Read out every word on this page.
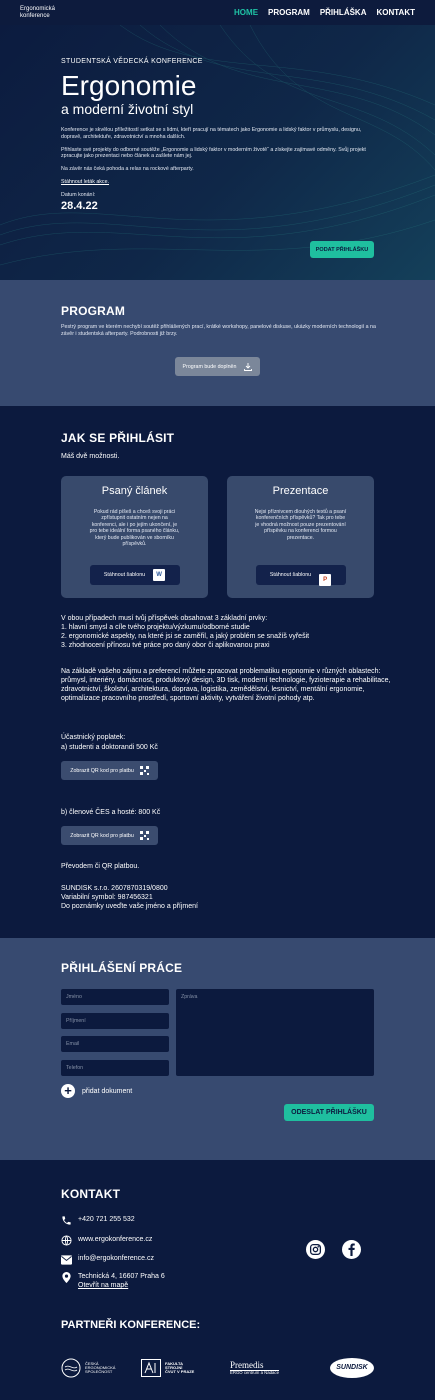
Ergonomická
konference	HOME PROGRAM PŘIHLÁŠKA KONTAKT
STUDENTSKÁ VĚDECKÁ KONFERENCE
Ergonomie
a moderní životní styl
Konference je skvělou příležitostí setkat se s lidmi, kteří pracují na tématech jako Ergonomie a lidský faktor v průmyslu, designu, dopravě, architektuře, zdravotnictví a mnoha dalších.
Přihlaste své projekty do odborné soutěže „Ergonomie a lidský faktor v moderním životě“ a získejte zajímavé odměny. Svůj projekt zpracujte jako prezentaci nebo článek a zašlete nám jej.
Na závěr nás čeká pohoda a relax na rockové afterparty.
Stáhnout leták akce.
Datum konání:
28.4.22
PODAT PŘIHLÁŠKU
PROGRAM
Pestrý program ve kterém nechybí soutěž přihlášených prací, krátké workshopy, panelové diskuse, ukázky moderních technologií a na závěr i studentská afterparty. Podrobnosti již brzy.
Program bude doplněn
JAK SE PŘIHLÁSIT
Máš dvě možnosti.
Psaný článek
Pokud rád píšeš a chceš svoji práci zpřístupnit ostatním nejen na konferenci, ale i po jejím ukončení, je pro tebe ideální forma psaného článku, který bude publikován ve sborníku příspěvků.
Stáhnout šablonu	W
Prezentace
Nejsi příznivcem dlouhých textů a psaní konferenčních příspěvků? Tak pro tebe je vhodná možnost pouze prezentování příspěvku na konferenci formou prezentace.
Stáhnout šablonu
P
V obou případech musí tvůj příspěvek obsahovat 3 základní prvky:
1. hlavní smysl a cíle tvého projektu/výzkumu/odborné studie
2. ergonomické aspekty, na které jsi se zaměřil, a jaký problém se snažíš vyřešit
3. zhodnocení přínosu tvé práce pro daný obor či aplikovanou praxi
Na základě vašeho zájmu a preferencí můžete zpracovat problematiku ergonomie v různých oblastech: průmysl, interiéry, domácnost, produktový design, 3D tisk, moderní technologie, fyzioterapie a rehabilitace, zdravotnictví, školství, architektura, doprava, logistika, zemědělství, lesnictví, mentální ergonomie, optimalizace pracovního prostředí, sportovní aktivity, vytváření životní pohody atp.
Účastnický poplatek:
a) studenti a doktorandi 500 Kč
Zobrazit QR kod pro platbu
b) členové ČES a hosté: 800 Kč
Zobrazit QR kod pro platbu
Převodem či QR platbou.
SUNDISK s.r.o. 2607870319/0800
Variabilní symbol: 987456321
Do poznámky uveďte vaše jméno a příjmení
PŘIHLÁŠENÍ PRÁCE
Jméno
Příjmení
Email
Telefon
Zpráva
+	přidat dokument
ODESLAT PŘIHLÁŠKU
KONTAKT
+420 721 255 532
www.ergokonference.cz
info@ergokonference.cz
Technická 4, 16607 Praha 6
Otevřít na mapě
PARTNEŘI KONFERENCE:
ČESKÁ
ERGONOMICKÁ
SPOLEČNOST
FAKULTA
STROJNÍ
ČVUT V PRAZE
Premedis
ERGO centrum a Nadace
SUNDISK
